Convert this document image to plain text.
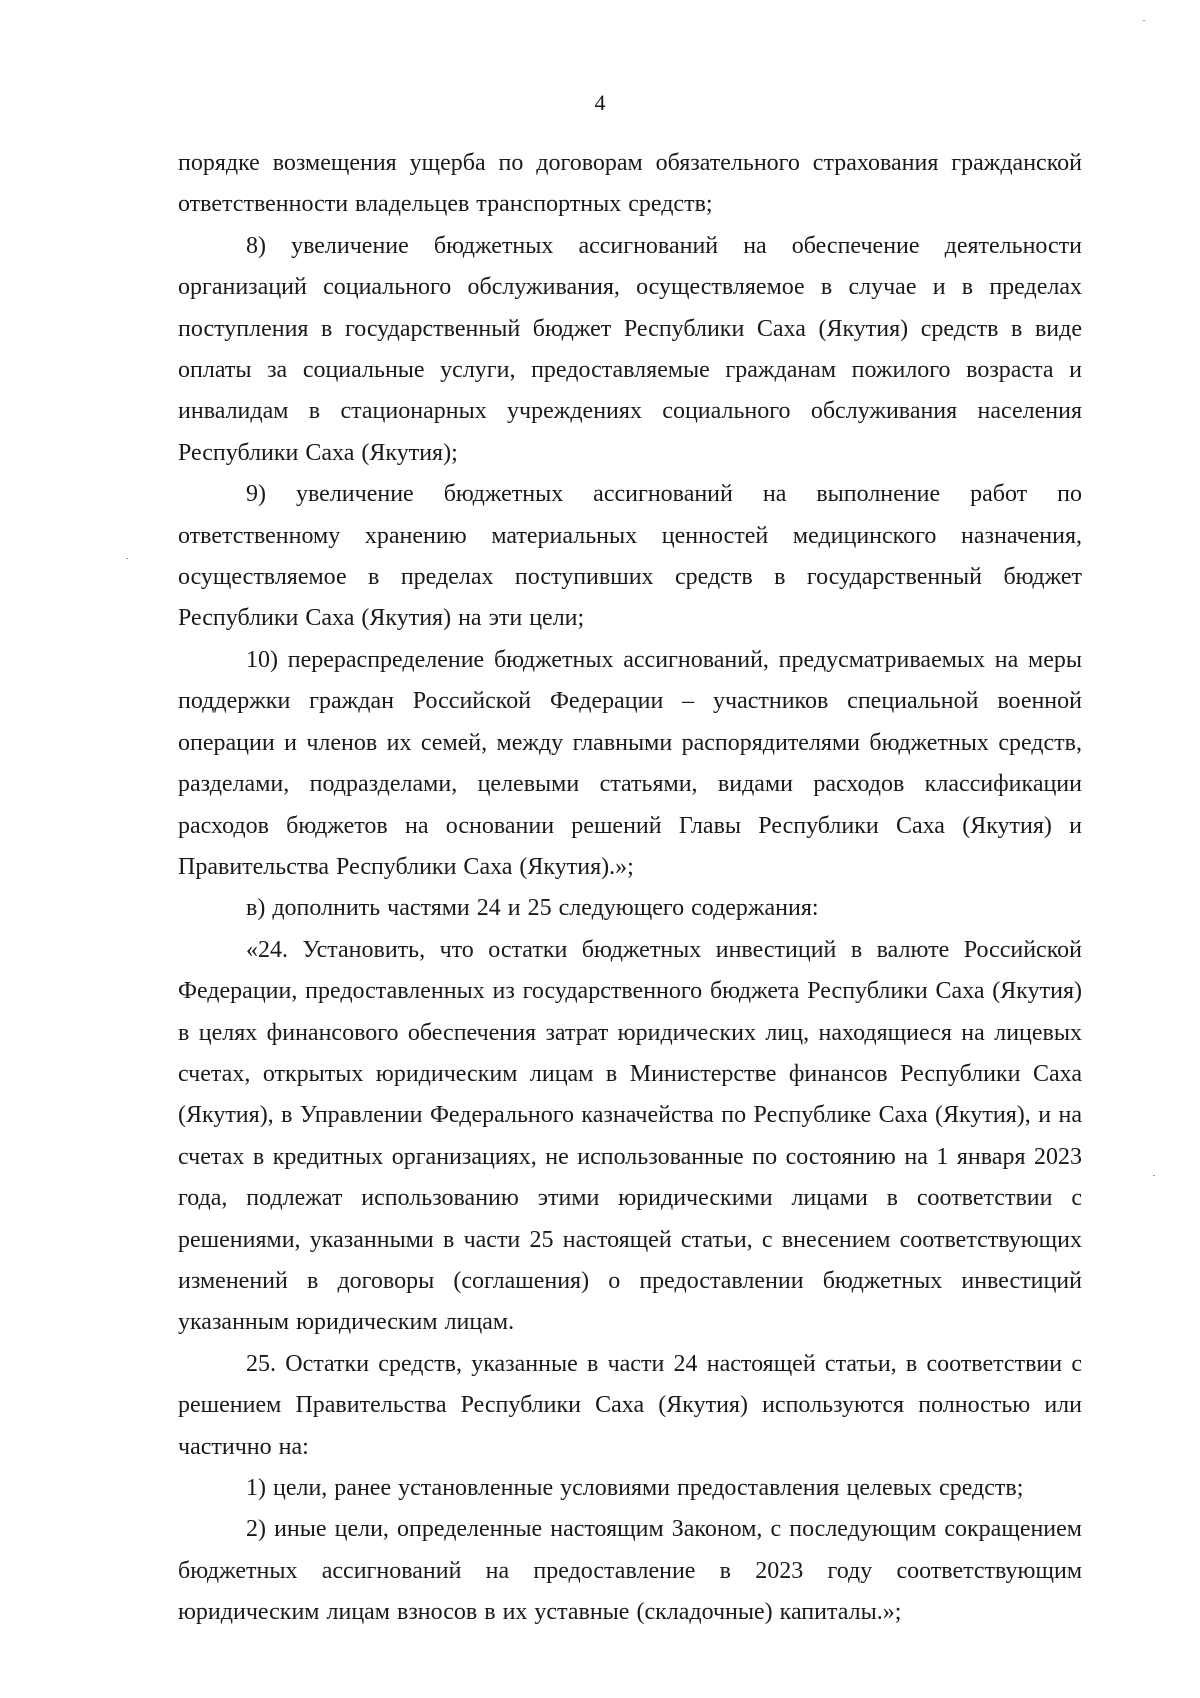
4

порядке возмещения ущерба по договорам обязательного страхования гражданской ответственности владельцев транспортных средств;

8) увеличение бюджетных ассигнований на обеспечение деятельности организаций социального обслуживания, осуществляемое в случае и в пределах поступления в государственный бюджет Республики Саха (Якутия) средств в виде оплаты за социальные услуги, предоставляемые гражданам пожилого возраста и инвалидам в стационарных учреждениях социального обслуживания населения Республики Саха (Якутия);

9) увеличение бюджетных ассигнований на выполнение работ по ответственному хранению материальных ценностей медицинского назначения, осуществляемое в пределах поступивших средств в государственный бюджет Республики Саха (Якутия) на эти цели;

10) перераспределение бюджетных ассигнований, предусматриваемых на меры поддержки граждан Российской Федерации – участников специальной военной операции и членов их семей, между главными распорядителями бюджетных средств, разделами, подразделами, целевыми статьями, видами расходов классификации расходов бюджетов на основании решений Главы Республики Саха (Якутия) и Правительства Республики Саха (Якутия).»;

в) дополнить частями 24 и 25 следующего содержания:

«24. Установить, что остатки бюджетных инвестиций в валюте Российской Федерации, предоставленных из государственного бюджета Республики Саха (Якутия) в целях финансового обеспечения затрат юридических лиц, находящиеся на лицевых счетах, открытых юридическим лицам в Министерстве финансов Республики Саха (Якутия), в Управлении Федерального казначейства по Республике Саха (Якутия), и на счетах в кредитных организациях, не использованные по состоянию на 1 января 2023 года, подлежат использованию этими юридическими лицами в соответствии с решениями, указанными в части 25 настоящей статьи, с внесением соответствующих изменений в договоры (соглашения) о предоставлении бюджетных инвестиций указанным юридическим лицам.

25. Остатки средств, указанные в части 24 настоящей статьи, в соответствии с решением Правительства Республики Саха (Якутия) используются полностью или частично на:

1) цели, ранее установленные условиями предоставления целевых средств;

2) иные цели, определенные настоящим Законом, с последующим сокращением бюджетных ассигнований на предоставление в 2023 году соответствующим юридическим лицам взносов в их уставные (складочные) капиталы.»;
